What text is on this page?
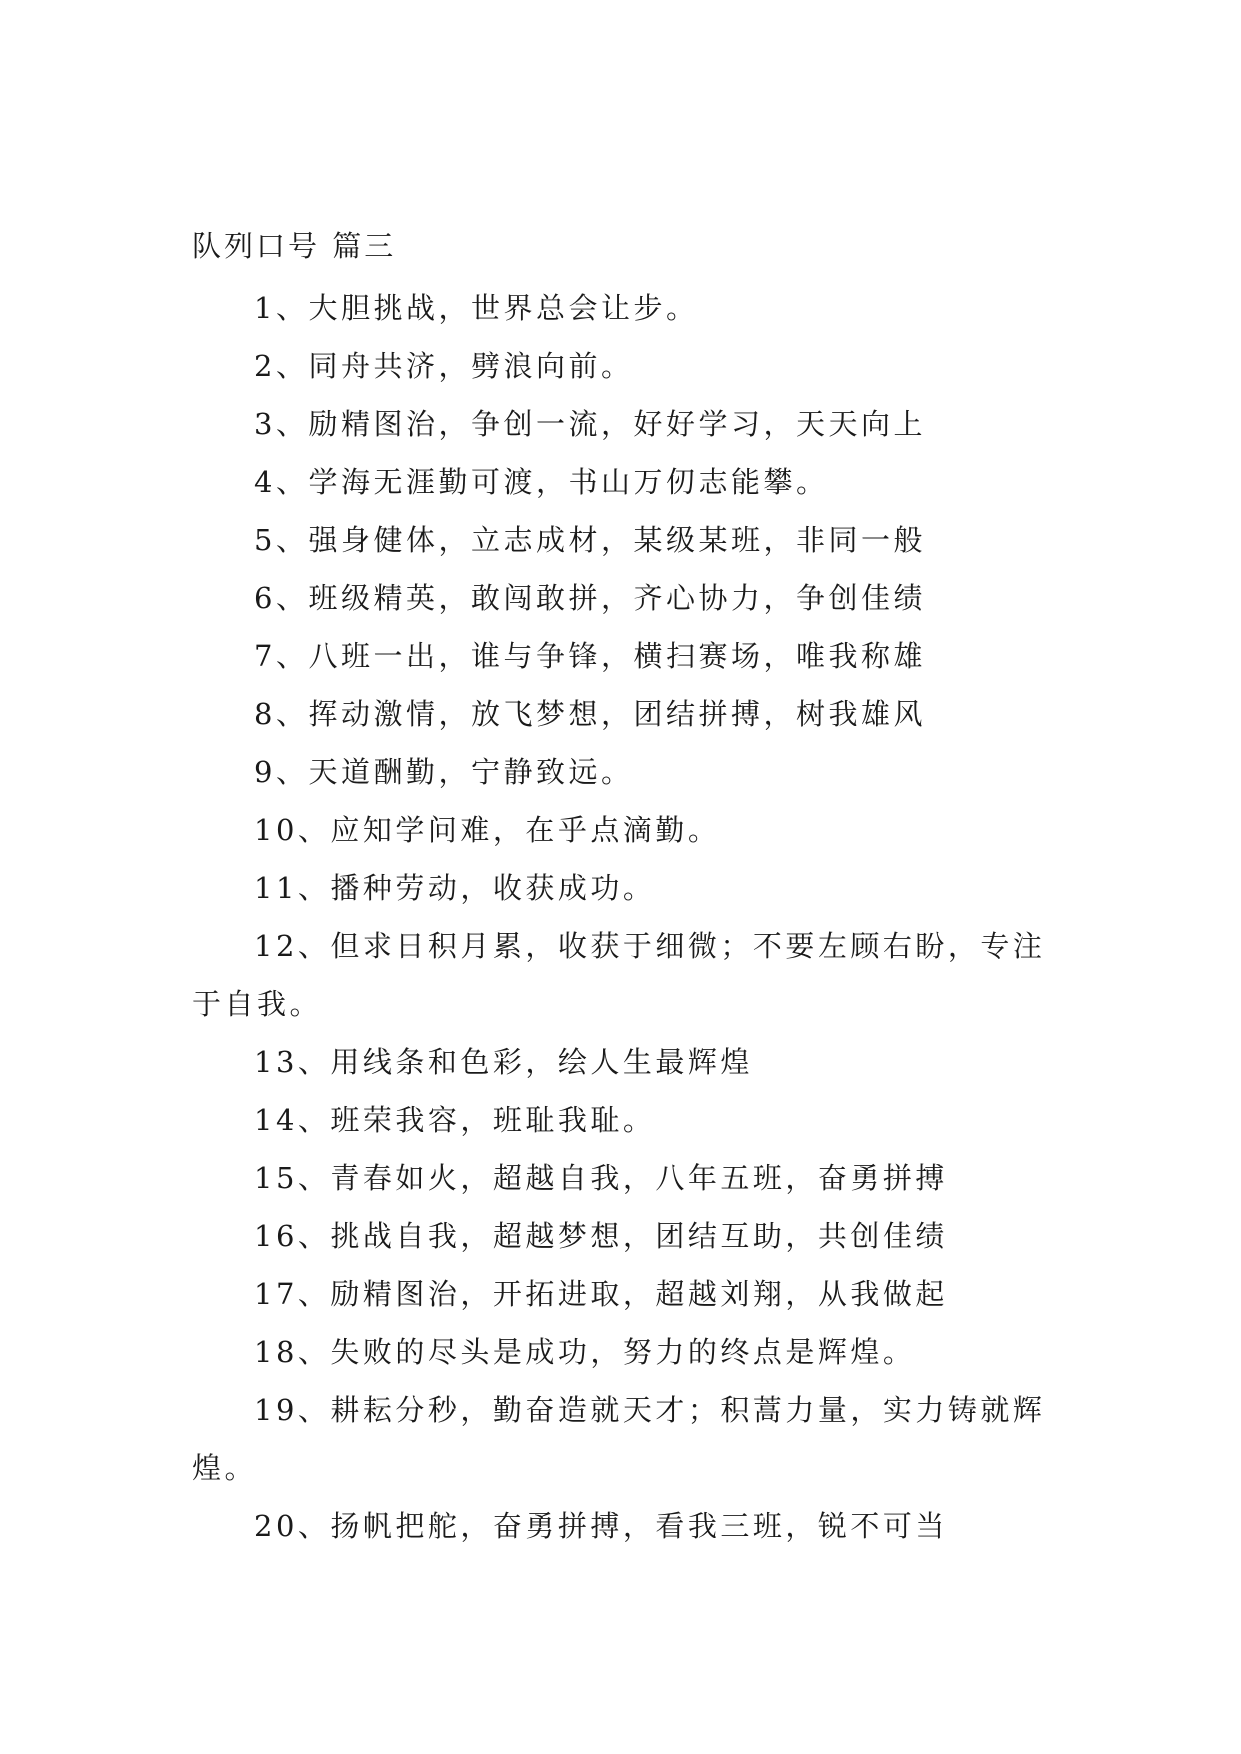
队列口号 篇三

1、大胆挑战，世界总会让步。

2、同舟共济，劈浪向前。

3、励精图治，争创一流，好好学习，天天向上

4、学海无涯勤可渡，书山万仞志能攀。

5、强身健体，立志成材，某级某班，非同一般

6、班级精英，敢闯敢拼，齐心协力，争创佳绩

7、八班一出，谁与争锋，横扫赛场，唯我称雄

8、挥动激情，放飞梦想，团结拼搏，树我雄风

9、天道酬勤，宁静致远。

10、应知学问难，在乎点滴勤。

11、播种劳动，收获成功。

12、但求日积月累，收获于细微；不要左顾右盼，专注于自我。

13、用线条和色彩，绘人生最辉煌

14、班荣我容，班耻我耻。

15、青春如火，超越自我，八年五班，奋勇拼搏

16、挑战自我，超越梦想，团结互助，共创佳绩

17、励精图治，开拓进取，超越刘翔，从我做起

18、失败的尽头是成功，努力的终点是辉煌。

19、耕耘分秒，勤奋造就天才；积蒿力量，实力铸就辉煌。

20、扬帆把舵，奋勇拼搏，看我三班，锐不可当
